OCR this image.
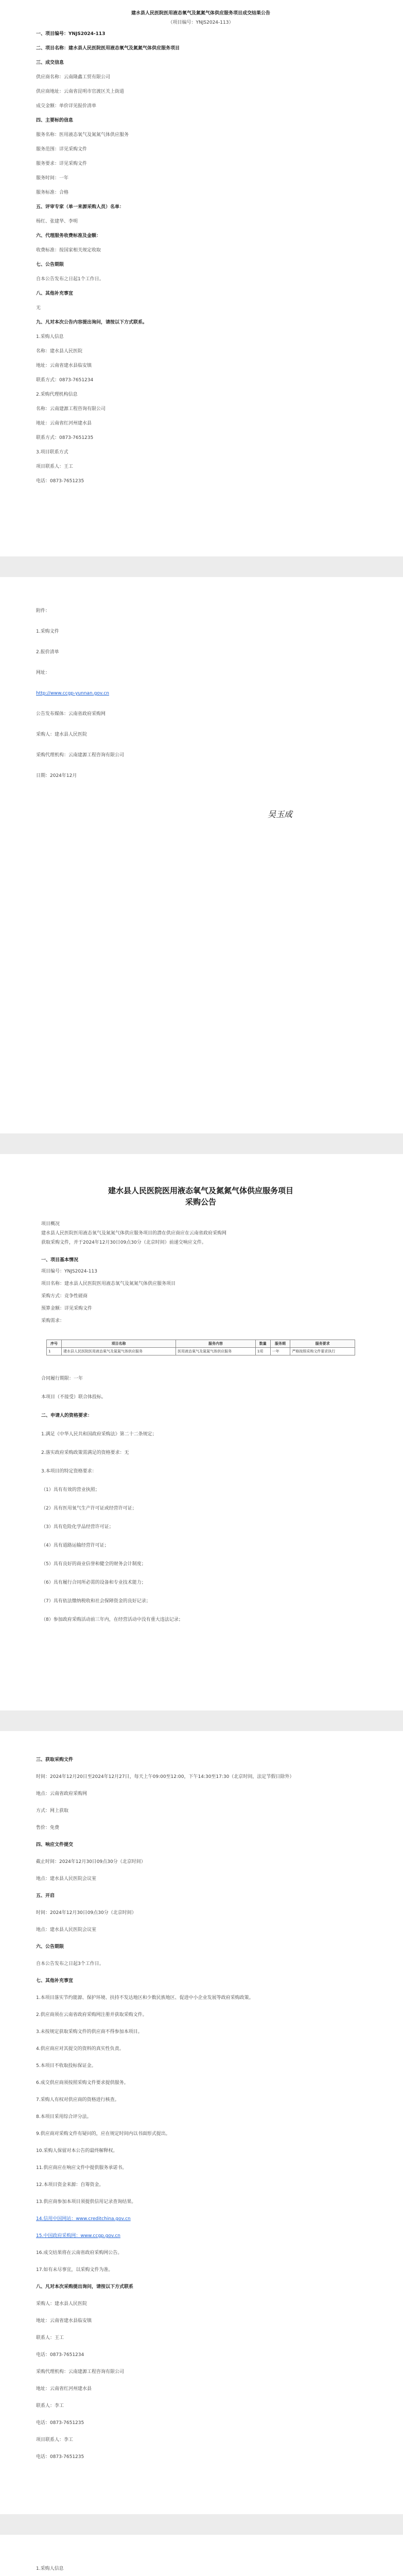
一、项目编号：YNJS2024-113
二、项目名称：建水县人民医院医用液态氧气及氮氮气体供应服务项目
三、成交信息
供应商名称：云南隆鑫工贸有限公司
供应商地址：云南省昆明市官渡区关上街道
成交金额：单价详见报价清单
四、主要标的信息
服务名称：医用液态氧气及氮氮气体供应服务
服务范围：详见采购文件
服务要求：详见采购文件
服务时间：一年
服务标准：合格
五、评审专家（单一来源采购人员）名单：
杨红、张建华、李明
六、代理服务收费标准及金额：
收费标准：按国家相关规定收取
七、公告期限
自本公告发布之日起1个工作日。
八、其他补充事宜
无
九、凡对本次公告内容提出询问，请按以下方式联系。
1.采购人信息
名称：建水县人民医院
地址：云南省建水县临安镇
联系方式：0873-7651234
2.采购代理机构信息
名称：云南建源工程咨询有限公司
地址：云南省红河州建水县
联系方式：0873-7651235
3.项目联系方式
项目联系人：王工
电话：0873-7651235
建水县人民医院医用液态氧气及氮氮气体供应服务项目成交结果公告
（项目编号：YNJS2024-113）
附件：
1.采购文件
2.报价清单
网址：
http://www.ccgp-yunnan.gov.cn
公告发布媒体：云南省政府采购网
采购人：建水县人民医院
采购代理机构：云南建源工程咨询有限公司
日期：2024年12月
吴玉成
建水县人民医院医用液态氧气及氮氮气体供应服务项目
采购公告
项目概况
建水县人民医院医用液态氧气及氮氮气体供应服务项目的潜在供应商应在云南省政府采购网
获取采购文件，并于2024年12月30日09点30分（北京时间）前递交响应文件。
一、项目基本情况
项目编号：YNJS2024-113
项目名称：建水县人民医院医用液态氧气及氮氮气体供应服务项目
采购方式：竞争性磋商
预算金额：详见采购文件
采购需求：
合同履行期限：一年
本项目（不接受）联合体投标。
二、申请人的资格要求：
1.满足《中华人民共和国政府采购法》第二十二条规定；
2.落实政府采购政策需满足的资格要求：无
3.本项目的特定资格要求：
（1）具有有效的营业执照；
（2）具有医用氧气生产许可证或经营许可证；
（3）具有危险化学品经营许可证；
（4）具有道路运输经营许可证；
（5）具有良好的商业信誉和健全的财务会计制度；
（6）具有履行合同所必需的设备和专业技术能力；
（7）具有依法缴纳税收和社会保障资金的良好记录；
（8）参加政府采购活动前三年内，在经营活动中没有重大违法记录；
序号	项目名称	服务内容	数量	服务期	服务要求
1	建水县人民医院医用液态氧气及氮氮气体供应服务	医用液态氧气及氮氮气体供应服务	1项	一年	严格按照采购文件要求执行
三、获取采购文件
时间：2024年12月20日至2024年12月27日，每天上午09:00至12:00，下午14:30至17:30（北京时间，法定节假日除外）
地点：云南省政府采购网
方式：网上获取
售价：免费
四、响应文件提交
截止时间：2024年12月30日09点30分（北京时间）
地点：建水县人民医院会议室
五、开启
时间：2024年12月30日09点30分（北京时间）
地点：建水县人民医院会议室
六、公告期限
自本公告发布之日起3个工作日。
七、其他补充事宜
1.本项目落实节约能源、保护环境、扶持不发达地区和少数民族地区、促进中小企业发展等政府采购政策。
2.供应商须在云南省政府采购网注册并获取采购文件。
3.未按规定获取采购文件的供应商不得参加本项目。
4.供应商应对其提交的资料的真实性负责。
5.本项目不收取投标保证金。
6.成交供应商须按照采购文件要求提供服务。
7.采购人有权对供应商的资格进行核查。
8.本项目采用综合评分法。
9.供应商对采购文件有疑问的，应在规定时间内以书面形式提出。
10.采购人保留对本公告的最终解释权。
11.供应商应在响应文件中提供服务承诺书。
12.本项目资金来源：自筹资金。
13.供应商参加本项目须提供信用记录查询结果。
14.信用中国网站：www.creditchina.gov.cn
15.中国政府采购网：www.ccgp.gov.cn
16.成交结果将在云南省政府采购网公告。
17.如有未尽事宜，以采购文件为准。
八、凡对本次采购提出询问，请按以下方式联系
采购人：建水县人民医院
地址：云南省建水县临安镇
联系人：王工
电话：0873-7651234
采购代理机构：云南建源工程咨询有限公司
地址：云南省红河州建水县
联系人：李工
电话：0873-7651235
项目联系人：李工
电话：0873-7651235
1.采购人信息
